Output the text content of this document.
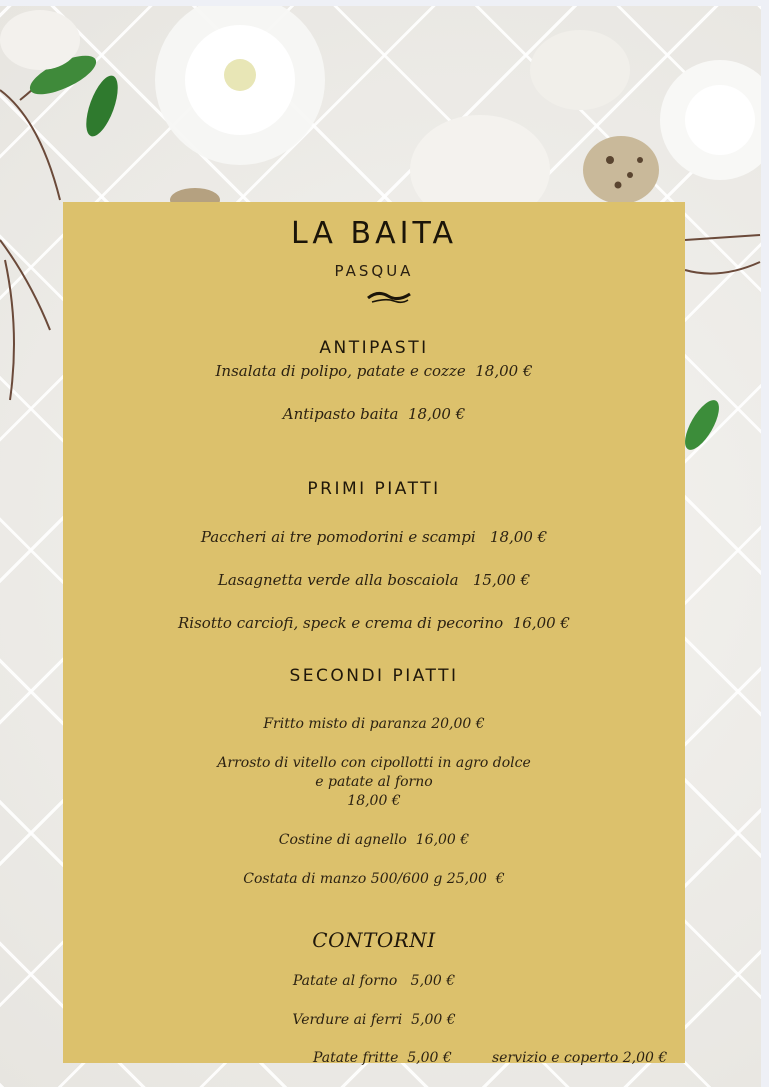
LA BAITA
PASQUA
ANTIPASTI
Insalata di polipo, patate e cozze  18,00 €
Antipasto baita  18,00 €
PRIMI PIATTI
Paccheri ai tre pomodorini e scampi   18,00 €
Lasagnetta verde alla boscaiola   15,00 €
Risotto carciofi, speck e crema di pecorino  16,00 €
SECONDI PIATTI
Fritto misto di paranza 20,00 €
Arrosto di vitello con cipollotti in agro dolce
e patate al forno
18,00 €
Costine di agnello  16,00 €
Costata di manzo 500/600 g 25,00  €
CONTORNI
Patate al forno   5,00 €
Verdure ai ferri  5,00 €
Patate fritte  5,00 €	servizio e coperto 2,00 €
